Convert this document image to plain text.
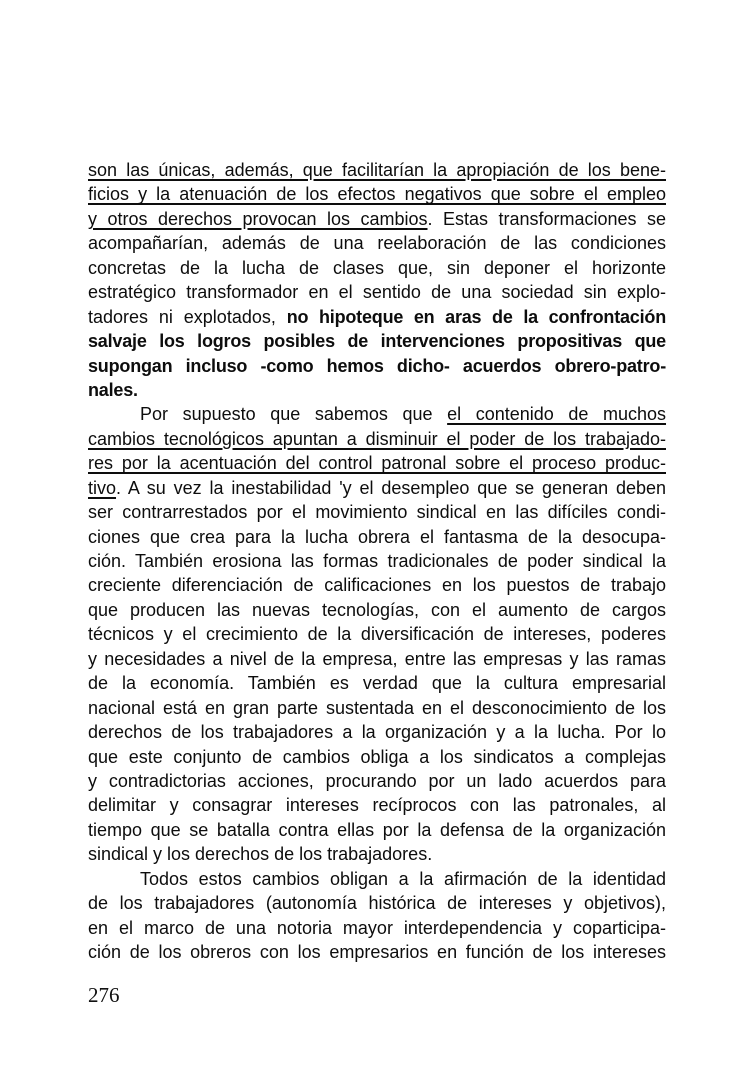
son las únicas, además, que facilitarían la apropiación de los bene-
ficios y la atenuación de los efectos negativos que sobre el empleo
y otros derechos provocan los cambios. Estas transformaciones se
acompañarían, además de una reelaboración de las condiciones
concretas de la lucha de clases que, sin deponer el horizonte
estratégico transformador en el sentido de una sociedad sin explo-
tadores ni explotados, no hipoteque en aras de la confrontación
salvaje los logros posibles de intervenciones propositivas que
supongan incluso -como hemos dicho- acuerdos obrero-patro-
nales.
Por supuesto que sabemos que el contenido de muchos
cambios tecnológicos apuntan a disminuir el poder de los trabajado-
res por la acentuación del control patronal sobre el proceso produc-
tivo. A su vez la inestabilidad 'y el desempleo que se generan deben
ser contrarrestados por el movimiento sindical en las difíciles condi-
ciones que crea para la lucha obrera el fantasma de la desocupa-
ción. También erosiona las formas tradicionales de poder sindical la
creciente diferenciación de calificaciones en los puestos de trabajo
que producen las nuevas tecnologías, con el aumento de cargos
técnicos y el crecimiento de la diversificación de intereses, poderes
y necesidades a nivel de la empresa, entre las empresas y las ramas
de la economía. También es verdad que la cultura empresarial
nacional está en gran parte sustentada en el desconocimiento de los
derechos de los trabajadores a la organización y a la lucha. Por lo
que este conjunto de cambios obliga a los sindicatos a complejas
y contradictorias acciones, procurando por un lado acuerdos para
delimitar y consagrar intereses recíprocos con las patronales, al
tiempo que se batalla contra ellas por la defensa de la organización
sindical y los derechos de los trabajadores.
Todos estos cambios obligan a la afirmación de la identidad
de los trabajadores (autonomía histórica de intereses y objetivos),
en el marco de una notoria mayor interdependencia y coparticipa-
ción de los obreros con los empresarios en función de los intereses
276
